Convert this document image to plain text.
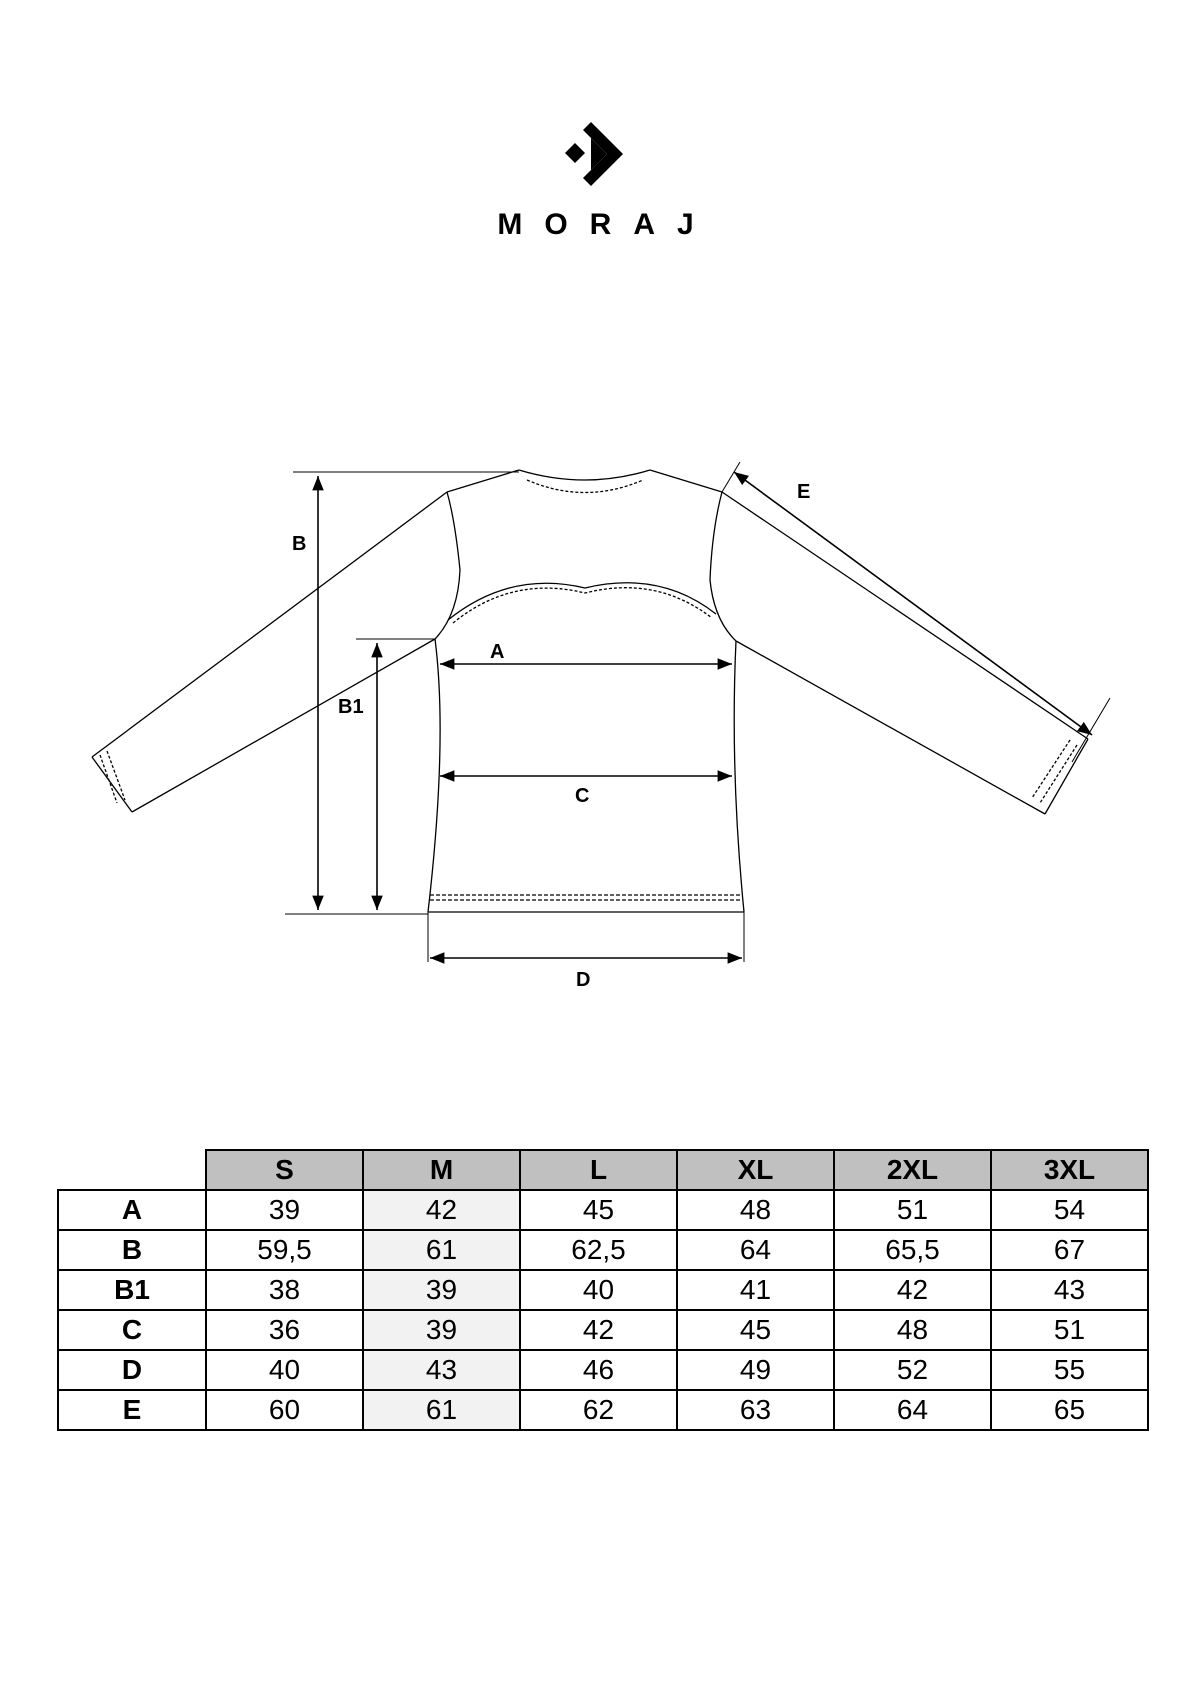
MORAJ
B
B1
A
C
D
E
	S	M	L	XL	2XL	3XL
A	39	42	45	48	51	54
B	59,5	61	62,5	64	65,5	67
B1	38	39	40	41	42	43
C	36	39	42	45	48	51
D	40	43	46	49	52	55
E	60	61	62	63	64	65
